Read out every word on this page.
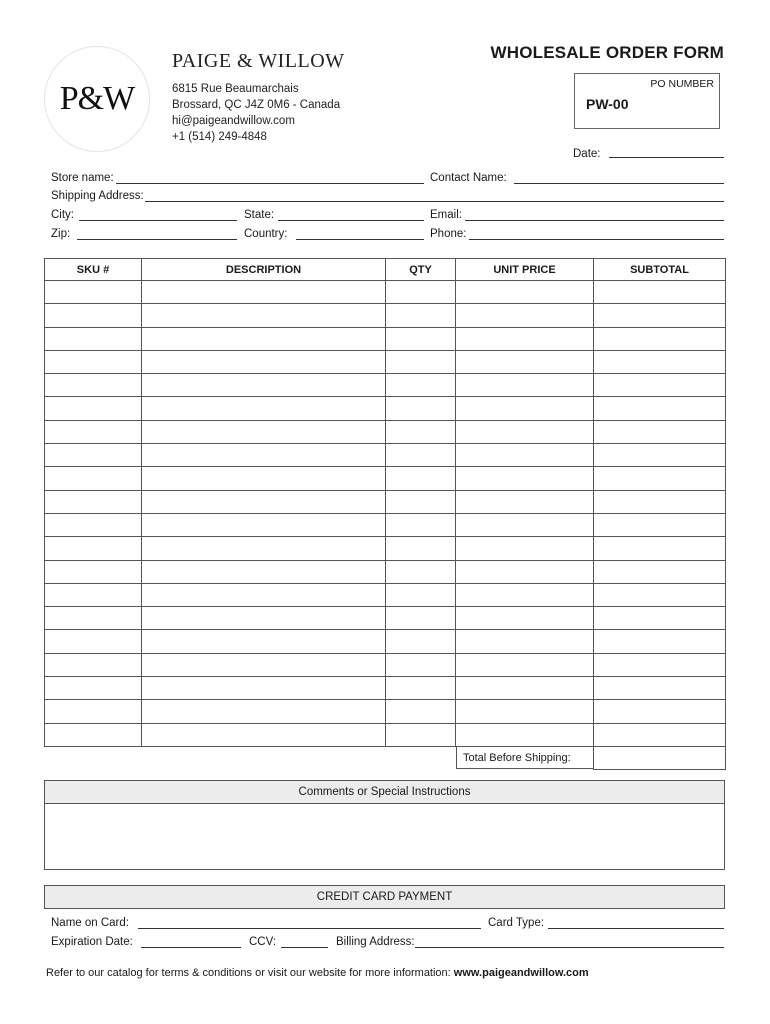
P&W
PAIGE & WILLOW
6815 Rue Beaumarchais
Brossard, QC J4Z 0M6 - Canada
hi@paigeandwillow.com
+1 (514) 249-4848
WHOLESALE ORDER FORM
PO NUMBER
PW-00
Date:
Store name:	Contact Name:
Shipping Address:
City:	State:	Email:
Zip:	Country:	Phone:
SKU #	DESCRIPTION	QTY	UNIT PRICE	SUBTOTAL

Total Before Shipping:
Comments or Special Instructions
CREDIT CARD PAYMENT
Name on Card:	Card Type:
Expiration Date:	CCV:	Billing Address:
Refer to our catalog for terms & conditions or visit our website for more information: www.paigeandwillow.com
